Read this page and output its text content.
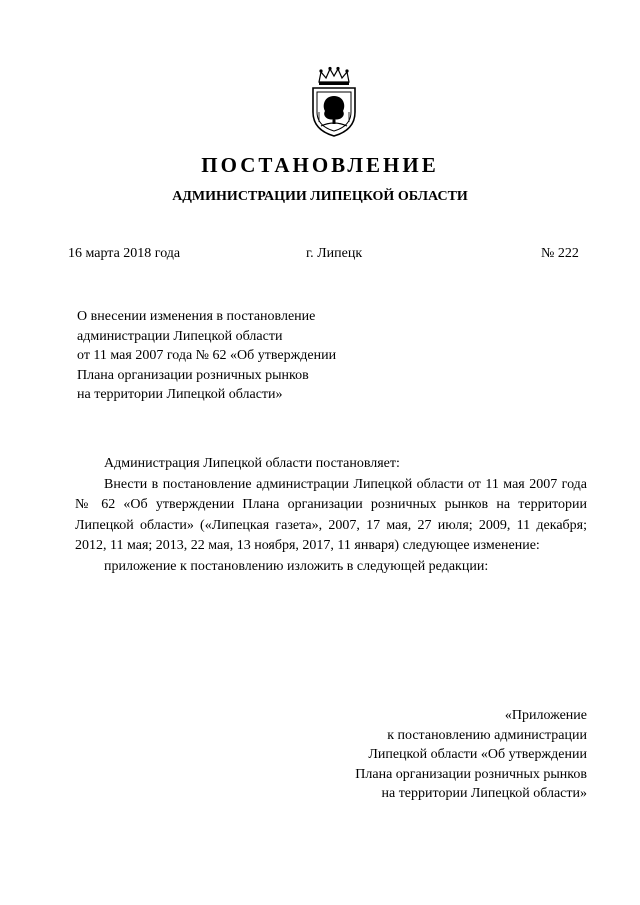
ПОСТАНОВЛЕНИЕ
АДМИНИСТРАЦИИ ЛИПЕЦКОЙ ОБЛАСТИ
16 марта 2018 года	г. Липецк	№ 222
О внесении изменения в постановление
администрации Липецкой области
от 11 мая 2007 года № 62 «Об утверждении
Плана организации розничных рынков
на территории Липецкой области»

Администрация Липецкой области постановляет:

Внести в постановление администрации Липецкой области от 11 мая 2007 года № 62 «Об утверждении Плана организации розничных рынков на территории Липецкой области» («Липецкая газета», 2007, 17 мая, 27 июля; 2009, 11 декабря; 2012, 11 мая; 2013, 22 мая, 13 ноября, 2017, 11 января) следующее изменение:

приложение к постановлению изложить в следующей редакции:

«Приложение
к постановлению администрации
Липецкой области «Об утверждении
Плана организации розничных рынков
на территории Липецкой области»
